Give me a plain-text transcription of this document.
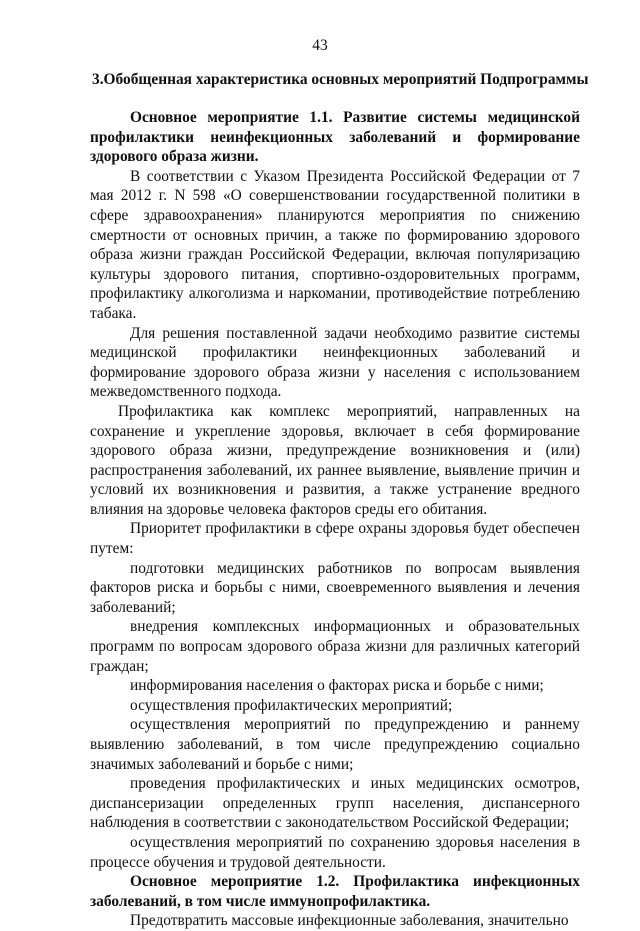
43
3.Обобщенная характеристика основных мероприятий Подпрограммы

Основное мероприятие 1.1. Развитие системы медицинской профилактики неинфекционных заболеваний и формирование здорового образа жизни.

В соответствии с Указом Президента Российской Федерации от 7 мая 2012 г. N 598 «О совершенствовании государственной политики в сфере здравоохранения» планируются мероприятия по снижению смертности от основных причин, а также по формированию здорового образа жизни граждан Российской Федерации, включая популяризацию культуры здорового питания, спортивно-оздоровительных программ, профилактику алкоголизма и наркомании, противодействие потреблению табака.

Для решения поставленной задачи необходимо развитие системы медицинской профилактики неинфекционных заболеваний и формирование здорового образа жизни у населения с использованием межведомственного подхода.

Профилактика как комплекс мероприятий, направленных на сохранение и укрепление здоровья, включает в себя формирование здорового образа жизни, предупреждение возникновения и (или) распространения заболеваний, их раннее выявление, выявление причин и условий их возникновения и развития, а также устранение вредного влияния на здоровье человека факторов среды его обитания.

Приоритет профилактики в сфере охраны здоровья будет обеспечен путем:

подготовки медицинских работников по вопросам выявления факторов риска и борьбы с ними, своевременного выявления и лечения заболеваний;

внедрения комплексных информационных и образовательных программ по вопросам здорового образа жизни для различных категорий граждан;

информирования населения о факторах риска и борьбе с ними;

осуществления профилактических мероприятий;

осуществления мероприятий по предупреждению и раннему выявлению заболеваний, в том числе предупреждению социально значимых заболеваний и борьбе с ними;

проведения профилактических и иных медицинских осмотров, диспансеризации определенных групп населения, диспансерного наблюдения в соответствии с законодательством Российской Федерации;

осуществления мероприятий по сохранению здоровья населения в процессе обучения и трудовой деятельности.

Основное мероприятие 1.2. Профилактика инфекционных заболеваний, в том числе иммунопрофилактика.

Предотвратить массовые инфекционные заболевания, значительно
